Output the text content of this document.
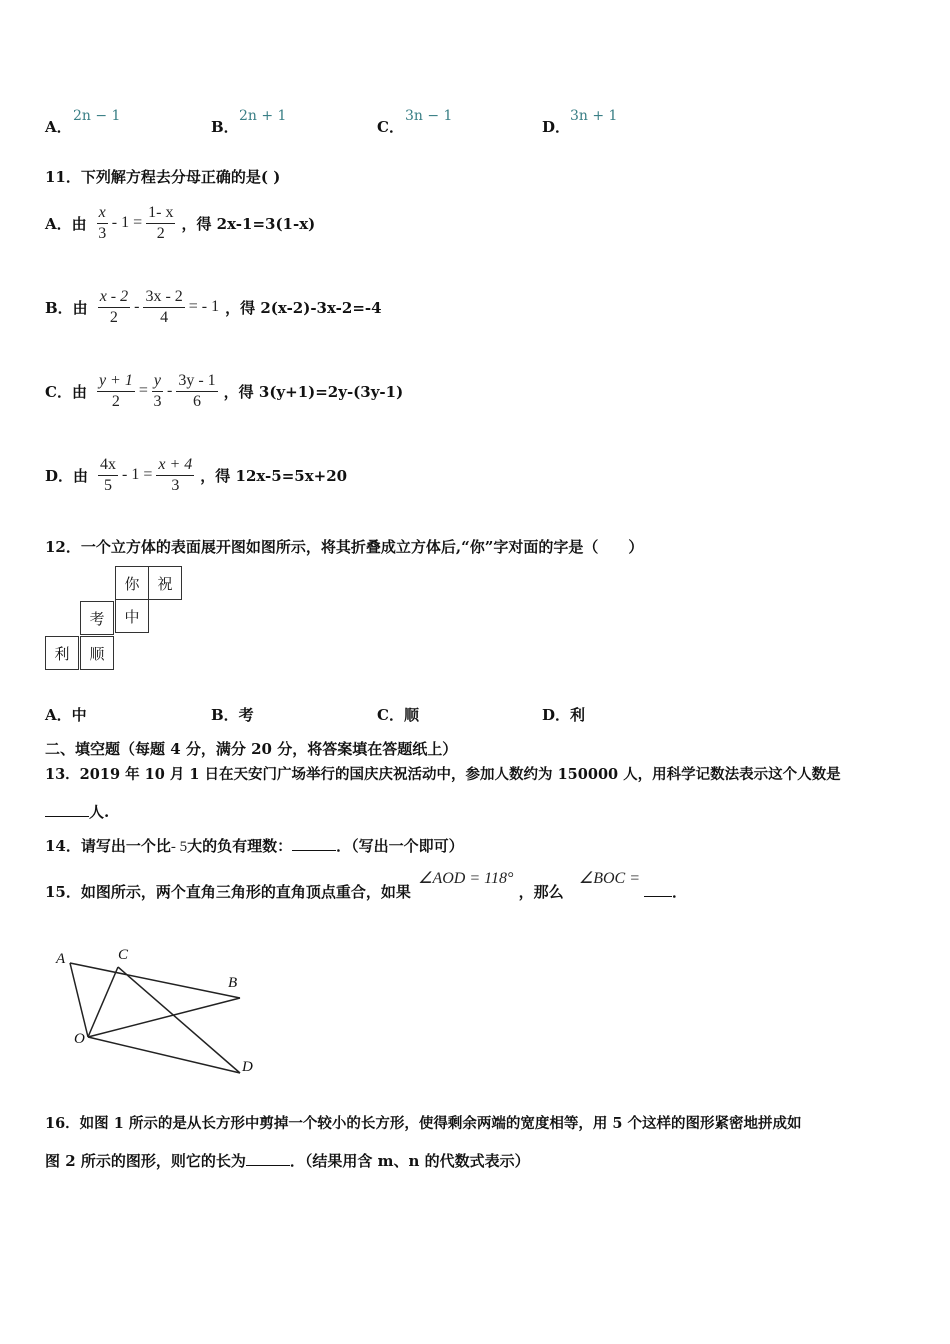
A．
2n − 1
B．
2n + 1
C．
3n − 1
D．
3n + 1
11．下列解方程去分母正确的是( )
A．由 $\frac{x}{3} - 1 = \frac{1- x}{2}$ ，得 2x-1=3(1-x)
B．由 $\frac{x - 2}{2} - \frac{3x - 2}{4}$ = - 1 ，得 2(x-2)-3x-2=-4
C．由 $\frac{y + 1}{2} = \frac{y}{3} - \frac{3y - 1}{6}$ ，得 3(y+1)=2y-(3y-1)
D．由 $\frac{4x}{5} - 1 = \frac{x + 4}{3}$ ，得 12x-5=5x+20
12．一个立方体的表面展开图如图所示，将其折叠成立方体后,“你”字对面的字是（　　）
你	祝
考	中
利	顺
A．中	B．考	C．顺	D．利
二、填空题（每题 4 分，满分 20 分，将答案填在答题纸上）
13．2019 年 10 月 1 日在天安门广场举行的国庆庆祝活动中，参加人数约为 150000 人，用科学记数法表示这个人数是
人.
14．请写出一个比- 5大的负有理数：	．（写出一个即可）
15．如图所示，两个直角三角形的直角顶点重合，如果 ∠AOD = 118° ，那么 ∠BOC = ．
A	C
B
O
D
16．如图 1 所示的是从长方形中剪掉一个较小的长方形，使得剩余两端的宽度相等，用 5 个这样的图形紧密地拼成如
图 2 所示的图形，则它的长为	．（结果用含 m、n 的代数式表示）
